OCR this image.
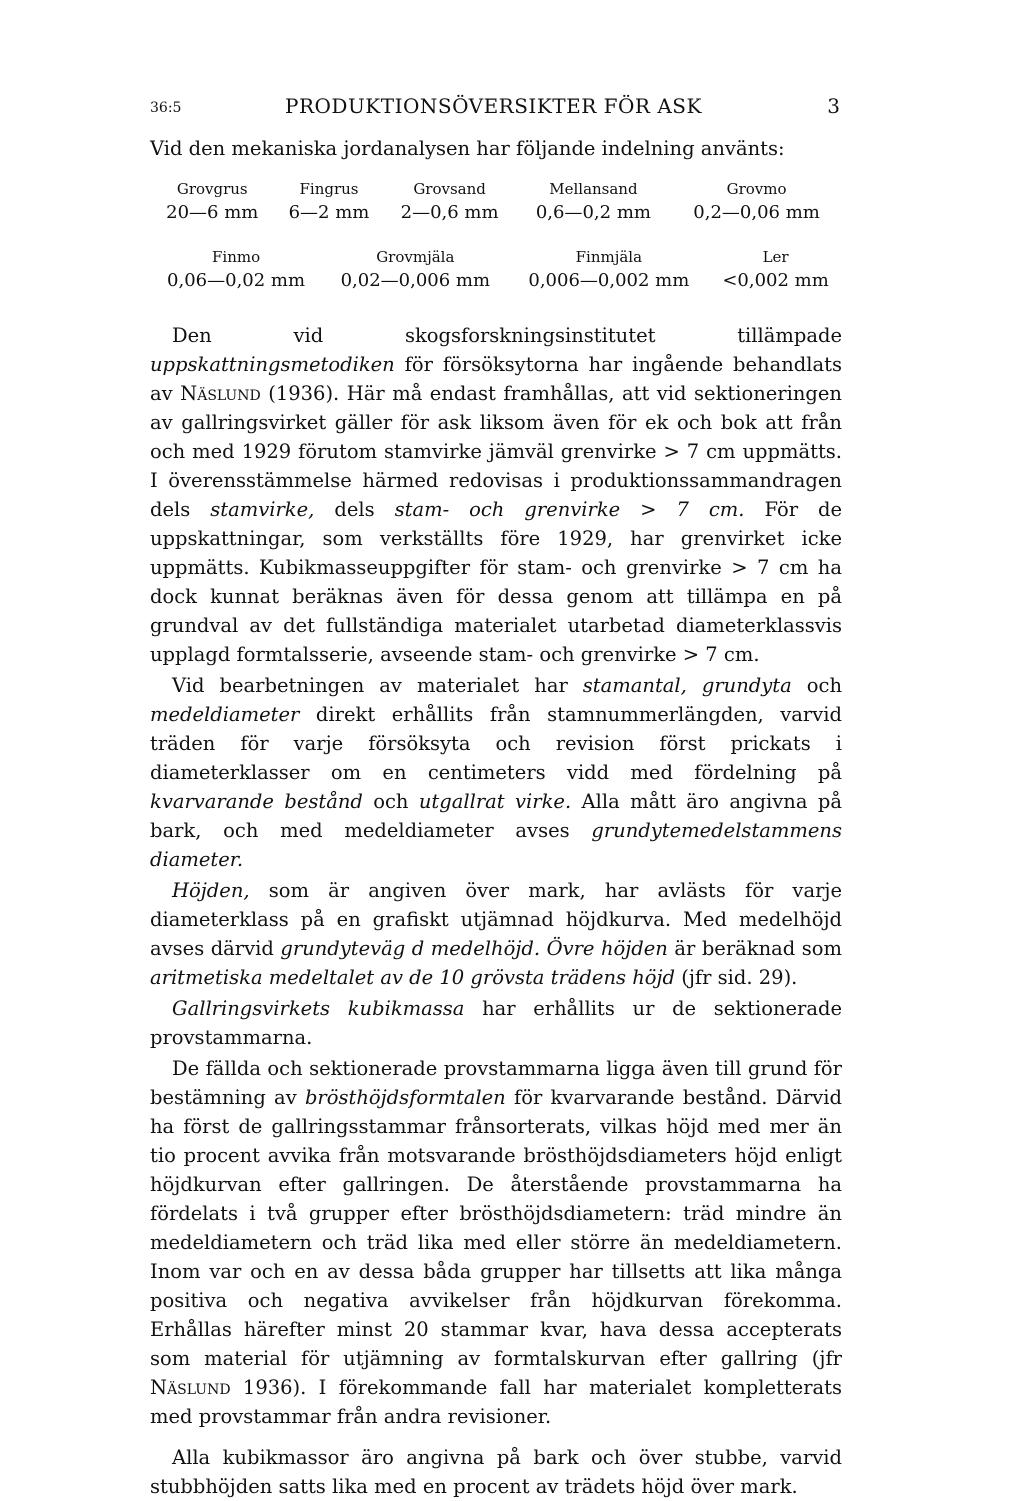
36:5	PRODUKTIONSÖVERSIKTER FÖR ASK	3

Vid den mekaniska jordanalysen har följande indelning använts:

Grovgrus	Fingrus	Grovsand	Mellansand	Grovmo
20—6 mm	6—2 mm	2—0,6 mm	0,6—0,2 mm	0,2—0,06 mm
Finmo	Grovmjäla	Finmjäla	Ler
0,06—0,02 mm	0,02—0,006 mm	0,006—0,002 mm	<0,002 mm

Den vid skogsforskningsinstitutet tillämpade uppskattningsmetodiken för försöksytorna har ingående behandlats av Näslund (1936). Här må endast framhållas, att vid sektioneringen av gallringsvirket gäller för ask liksom även för ek och bok att från och med 1929 förutom stamvirke jämväl grenvirke > 7 cm uppmätts. I överensstämmelse härmed redovisas i produktionssammandragen dels stamvirke, dels stam- och grenvirke > 7 cm. För de uppskattningar, som verkställts före 1929, har grenvirket icke uppmätts. Kubikmasseuppgifter för stam- och grenvirke > 7 cm ha dock kunnat beräknas även för dessa genom att tillämpa en på grundval av det fullständiga materialet utarbetad diameterklassvis upplagd formtalsserie, avseende stam- och grenvirke > 7 cm.

Vid bearbetningen av materialet har stamantal, grundyta och medeldiameter direkt erhållits från stamnummerlängden, varvid träden för varje försöksyta och revision först prickats i diameterklasser om en centimeters vidd med fördelning på kvarvarande bestånd och utgallrat virke. Alla mått äro angivna på bark, och med medeldiameter avses grundytemedelstammens diameter.

Höjden, som är angiven över mark, har avlästs för varje diameterklass på en grafiskt utjämnad höjdkurva. Med medelhöjd avses därvid grundyteväg d medelhöjd. Övre höjden är beräknad som aritmetiska medeltalet av de 10 grövsta trädens höjd (jfr sid. 29).

Gallringsvirkets kubikmassa har erhållits ur de sektionerade provstammarna.

De fällda och sektionerade provstammarna ligga även till grund för bestämning av brösthöjdsformtalen för kvarvarande bestånd. Därvid ha först de gallringsstammar frånsorterats, vilkas höjd med mer än tio procent avvika från motsvarande brösthöjdsdiameters höjd enligt höjdkurvan efter gallringen. De återstående provstammarna ha fördelats i två grupper efter brösthöjdsdiametern: träd mindre än medeldiametern och träd lika med eller större än medeldiametern. Inom var och en av dessa båda grupper har tillsetts att lika många positiva och negativa avvikelser från höjdkurvan förekomma. Erhållas härefter minst 20 stammar kvar, hava dessa accepterats som material för utjämning av formtalskurvan efter gallring (jfr Näslund 1936). I förekommande fall har materialet kompletterats med provstammar från andra revisioner.

Alla kubikmassor äro angivna på bark och över stubbe, varvid stubbhöjden satts lika med en procent av trädets höjd över mark.
